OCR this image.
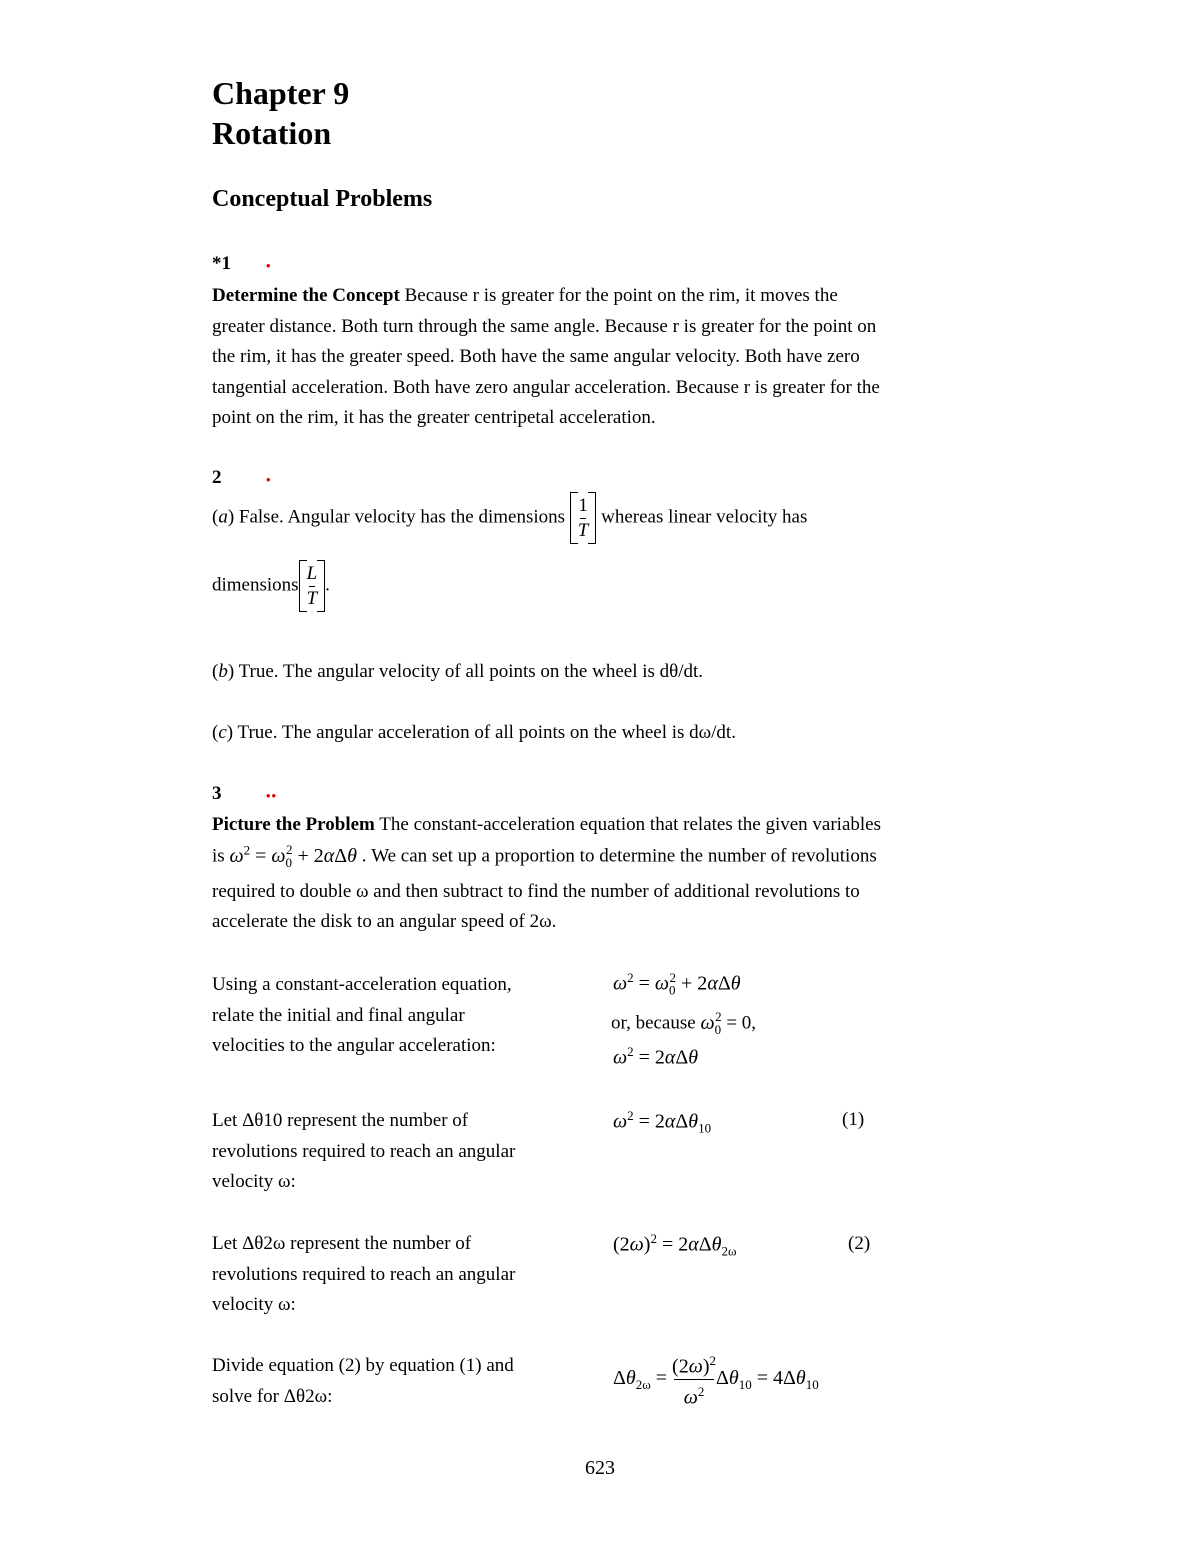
Chapter 9
Rotation
Conceptual Problems
*1	•
Determine the Concept Because r is greater for the point on the rim, it moves the
greater distance. Both turn through the same angle. Because r is greater for the point on
the rim, it has the greater speed. Both have the same angular velocity. Both have zero
tangential acceleration. Both have zero angular acceleration. Because r is greater for the
point on the rim, it has the greater centripetal acceleration.
2	•
(a) False. Angular velocity has the dimensions $\frac{1}{T}$ whereas linear velocity has
dimensions $\frac{L}{T}$ .
(b) True. The angular velocity of all points on the wheel is dθ/dt.
(c) True. The angular acceleration of all points on the wheel is dω/dt.
3	••
Picture the Problem The constant-acceleration equation that relates the given variables
is $\omega^2 = \omega_0^2 + 2\alpha\Delta\theta$ . We can set up a proportion to determine the number of revolutions
required to double ω and then subtract to find the number of additional revolutions to
accelerate the disk to an angular speed of 2ω.
Using a constant-acceleration equation, relate the initial and final angular velocities to the angular acceleration:
$\omega^2 = \omega_0^2 + 2\alpha\Delta\theta$
or, because $\omega_0^2 = 0$,
$\omega^2 = 2\alpha\Delta\theta$
Let Δθ10 represent the number of revolutions required to reach an angular velocity ω:
$\omega^2 = 2\alpha\Delta\theta_{10}$	(1)
Let Δθ2ω represent the number of revolutions required to reach an angular velocity ω:
$(2\omega)^2 = 2\alpha\Delta\theta_{2\omega}$	(2)
Divide equation (2) by equation (1) and solve for Δθ2ω:
$\Delta\theta_{2\omega} = \frac{(2\omega)^2}{\omega^2} \Delta\theta_{10} = 4\Delta\theta_{10}$
623
